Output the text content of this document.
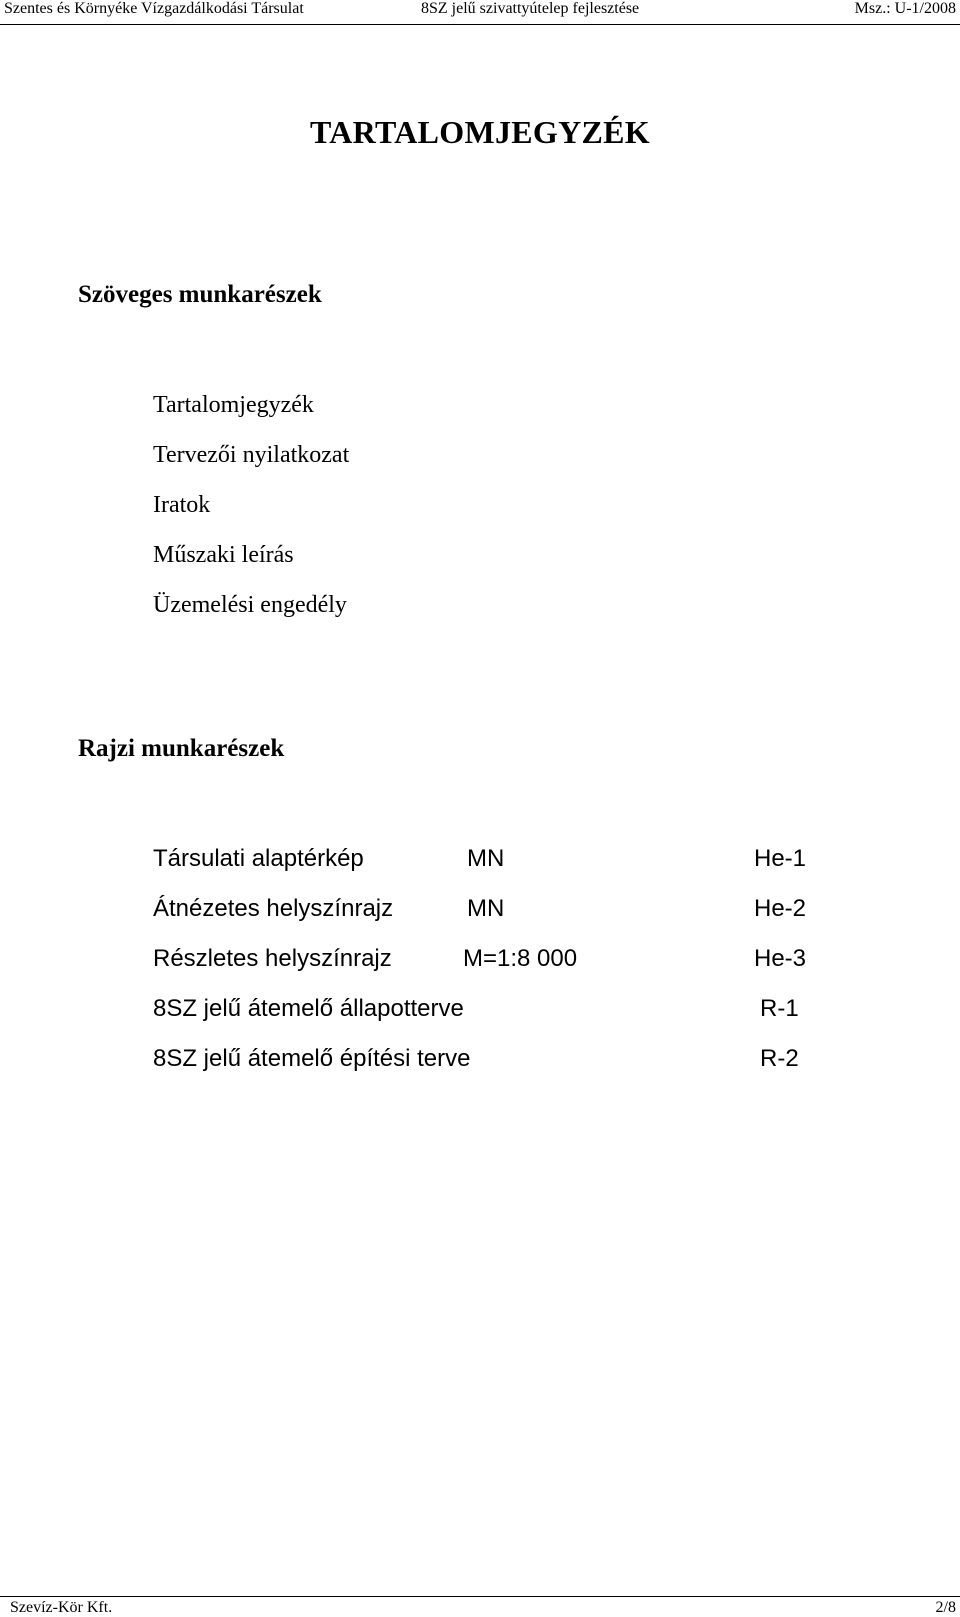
Szentes és Környéke Vízgazdálkodási Társulat	8SZ jelű szivattyútelep fejlesztése	Msz.: U-1/2008
TARTALOMJEGYZÉK
Szöveges munkarészek
Tartalomjegyzék
Tervezői nyilatkozat
Iratok
Műszaki leírás
Üzemelési engedély
Rajzi munkarészek
Társulati alaptérkép	MN	He-1
Átnézetes helyszínrajz	MN	He-2
Részletes helyszínrajz	M=1:8 000	He-3
8SZ jelű átemelő állapotterve	R-1
8SZ jelű átemelő építési terve	R-2
Szevíz-Kör Kft.	2/8
